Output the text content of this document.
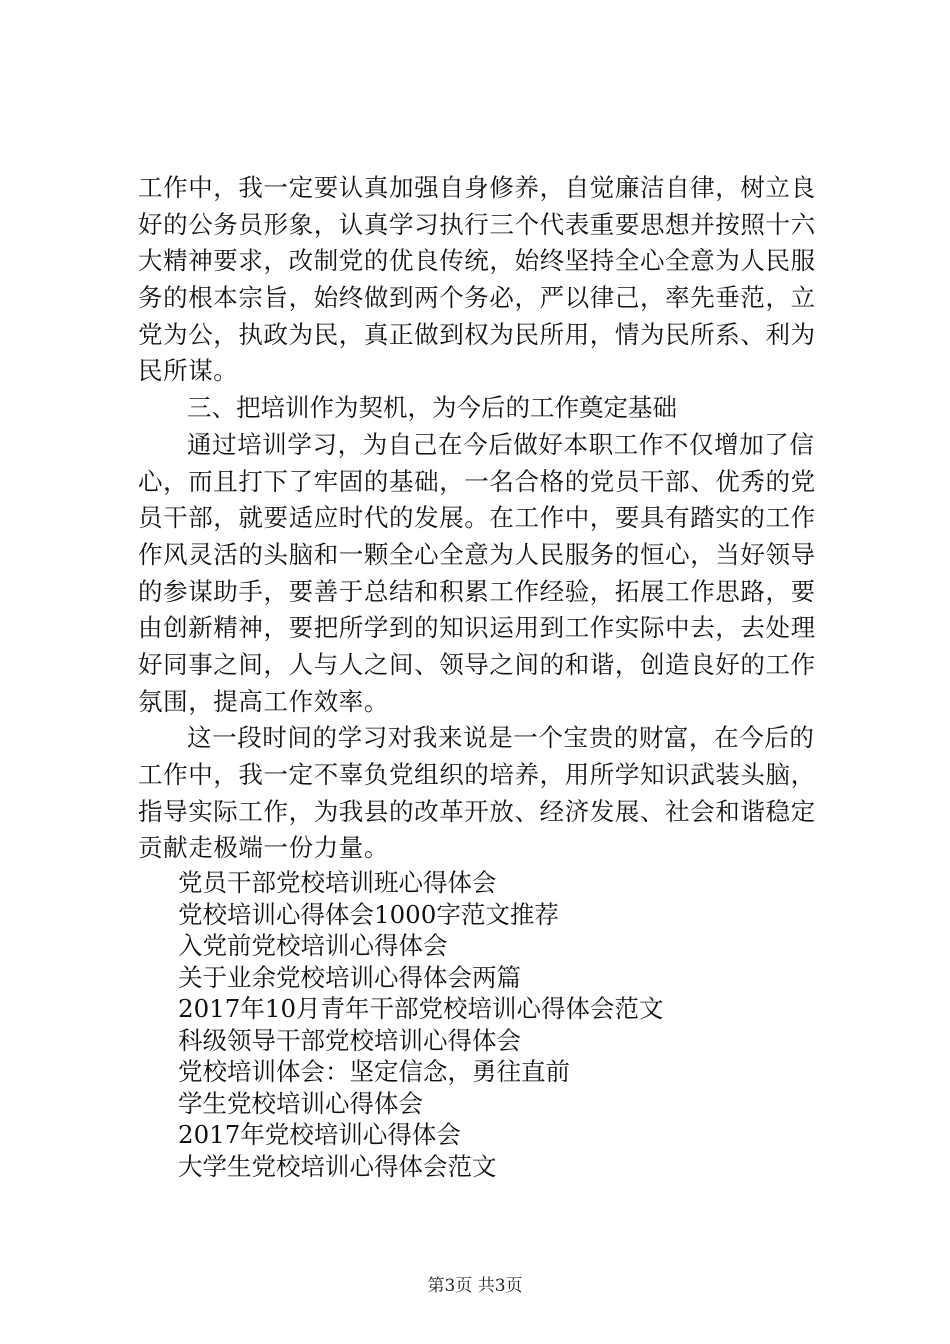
工作中，我一定要认真加强自身修养，自觉廉洁自律，树立良
好的公务员形象，认真学习执行三个代表重要思想并按照十六
大精神要求，改制党的优良传统，始终坚持全心全意为人民服
务的根本宗旨，始终做到两个务必，严以律己，率先垂范，立
党为公，执政为民，真正做到权为民所用，情为民所系、利为
民所谋。

三、把培训作为契机，为今后的工作奠定基础

通过培训学习，为自己在今后做好本职工作不仅增加了信
心，而且打下了牢固的基础，一名合格的党员干部、优秀的党
员干部，就要适应时代的发展。在工作中，要具有踏实的工作
作风灵活的头脑和一颗全心全意为人民服务的恒心，当好领导
的参谋助手，要善于总结和积累工作经验，拓展工作思路，要
由创新精神，要把所学到的知识运用到工作实际中去，去处理
好同事之间，人与人之间、领导之间的和谐，创造良好的工作
氛围，提高工作效率。

这一段时间的学习对我来说是一个宝贵的财富，在今后的
工作中，我一定不辜负党组织的培养，用所学知识武装头脑，
指导实际工作，为我县的改革开放、经济发展、社会和谐稳定
贡献走极端一份力量。

党员干部党校培训班心得体会
党校培训心得体会1000字范文推荐
入党前党校培训心得体会
关于业余党校培训心得体会两篇
2017年10月青年干部党校培训心得体会范文
科级领导干部党校培训心得体会
党校培训体会：坚定信念，勇往直前
学生党校培训心得体会
2017年党校培训心得体会
大学生党校培训心得体会范文
第3页 共3页
